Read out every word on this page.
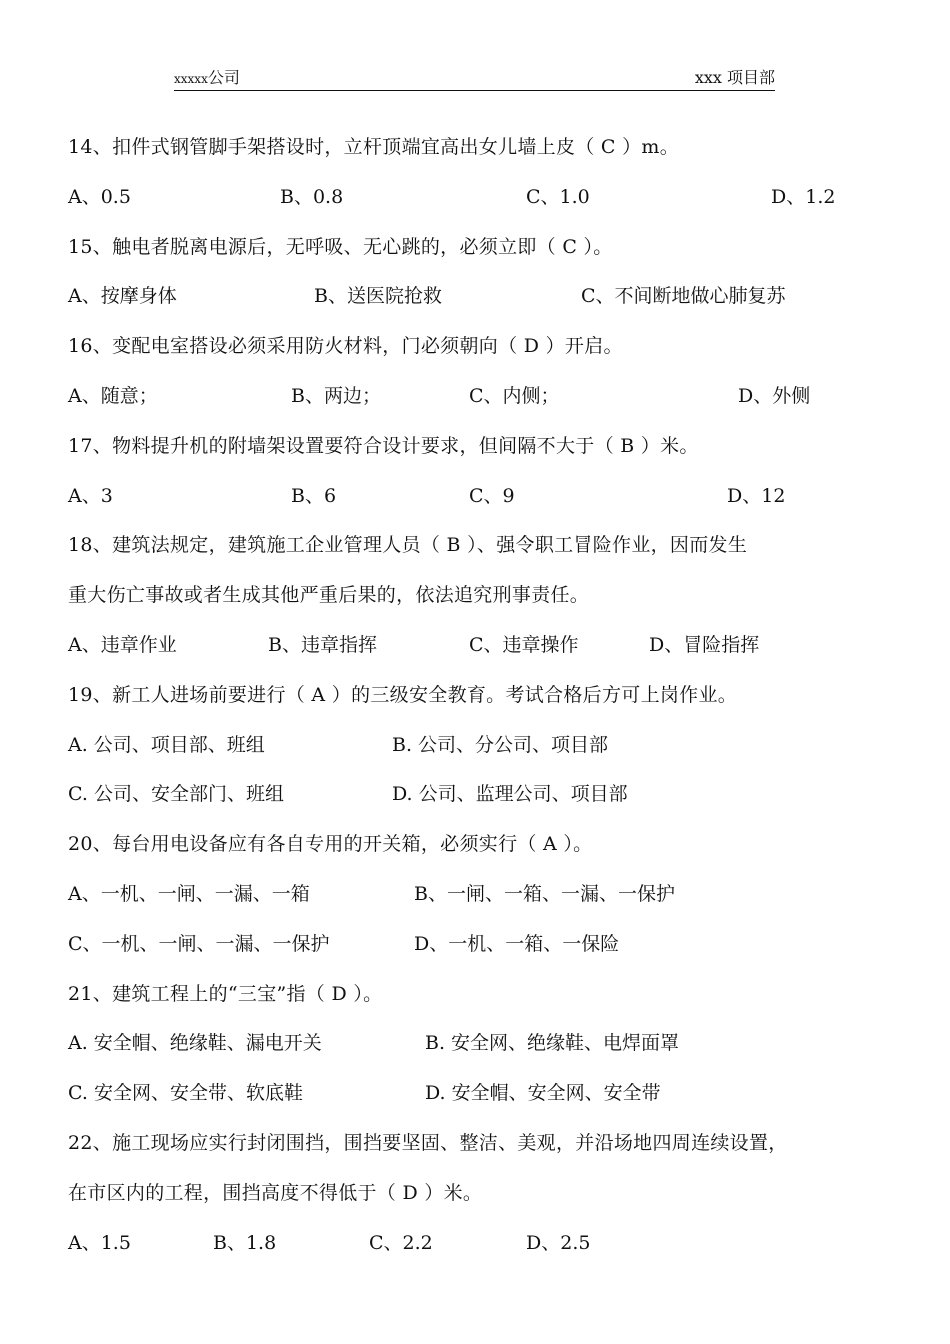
xxxxx公司	xxx 项目部
14、扣件式钢管脚手架搭设时，立杆顶端宜高出女儿墙上皮（ C ）m。
A、0.5	B、0.8	C、1.0	D、1.2
15、触电者脱离电源后，无呼吸、无心跳的，必须立即（ C ）。
A、按摩身体	B、送医院抢救	C、不间断地做心肺复苏
16、变配电室搭设必须采用防火材料，门必须朝向（ D ）开启。
A、随意；	B、两边；	C、内侧；	D、外侧
17、物料提升机的附墙架设置要符合设计要求，但间隔不大于（ B ）米。
A、3	B、6	C、9	D、12
18、建筑法规定，建筑施工企业管理人员（ B ）、强令职工冒险作业，因而发生
重大伤亡事故或者生成其他严重后果的，依法追究刑事责任。
A、违章作业	B、违章指挥	C、违章操作	D、冒险指挥
19、新工人进场前要进行（ A ）的三级安全教育。考试合格后方可上岗作业。
A. 公司、项目部、班组	B. 公司、分公司、项目部
C. 公司、安全部门、班组	D. 公司、监理公司、项目部
20、每台用电设备应有各自专用的开关箱，必须实行（ A ）。
A、一机、一闸、一漏、一箱	B、一闸、一箱、一漏、一保护
C、一机、一闸、一漏、一保护	D、一机、一箱、一保险
21、建筑工程上的“三宝”指（ D ）。
A. 安全帽、绝缘鞋、漏电开关	B. 安全网、绝缘鞋、电焊面罩
C. 安全网、安全带、软底鞋	D. 安全帽、安全网、安全带
22、施工现场应实行封闭围挡，围挡要坚固、整洁、美观，并沿场地四周连续设置，
在市区内的工程，围挡高度不得低于（ D ）米。
A、1.5	B、1.8	C、2.2	D、2.5
